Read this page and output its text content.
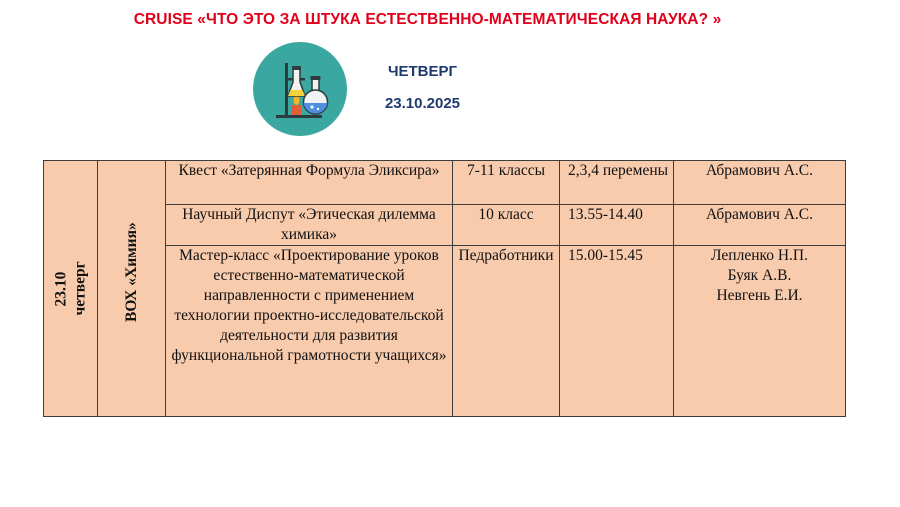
CRUISE «ЧТО ЭТО ЗА ШТУКА ЕСТЕСТВЕННО-МАТЕМАТИЧЕСКАЯ НАУКА? »
ЧЕТВЕРГ
23.10.2025
23.10 четверг	ВОХ «Химия»	Квест «Затерянная Формула Эликсира»	7-11 классы	2,3,4 перемены	Абрамович А.С.

		Научный Диспут «Этическая дилемма химика»	10 класс	13.55-14.40	Абрамович А.С.

		Мастер-класс «Проектирование уроков естественно-математической направленности с применением технологии проектно-исследовательской деятельности для развития функциональной грамотности учащихся»	Педработники	15.00-15.45	Лепленко Н.П.
Буяк А.В.
Невгень Е.И.
